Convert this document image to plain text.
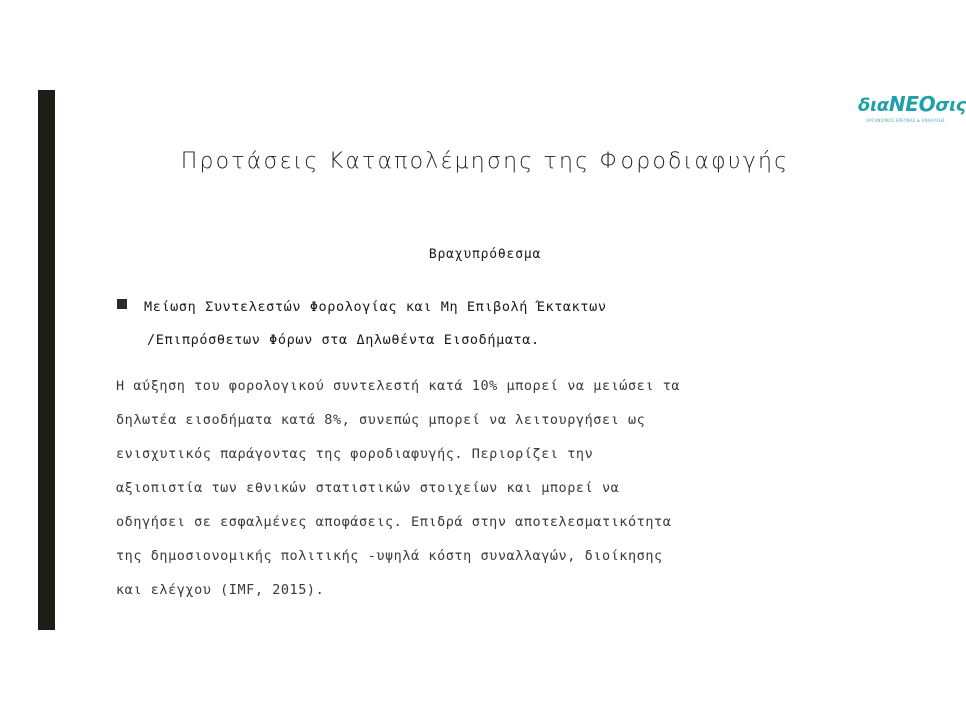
διαΝΕΟσις
ΟΡΓΑΝΙΣΜΟΣ ΕΡΕΥΝΑΣ & ΑΝΑΛΥΣΗΣ
Προτάσεις Καταπολέμησης της Φοροδιαφυγής
Βραχυπρόθεσμα
Μείωση Συντελεστών Φορολογίας και Μη Επιβολή Έκτακτων
/Επιπρόσθετων Φόρων στα Δηλωθέντα Εισοδήματα.
Η αύξηση του φορολογικού συντελεστή κατά 10% μπορεί να μειώσει τα
δηλωτέα εισοδήματα κατά 8%, συνεπώς μπορεί να λειτουργήσει ως
ενισχυτικός παράγοντας της φοροδιαφυγής. Περιορίζει την
αξιοπιστία των εθνικών στατιστικών στοιχείων και μπορεί να
οδηγήσει σε εσφαλμένες αποφάσεις. Επιδρά στην αποτελεσματικότητα
της δημοσιονομικής πολιτικής -υψηλά κόστη συναλλαγών, διοίκησης
και ελέγχου (IMF, 2015).
